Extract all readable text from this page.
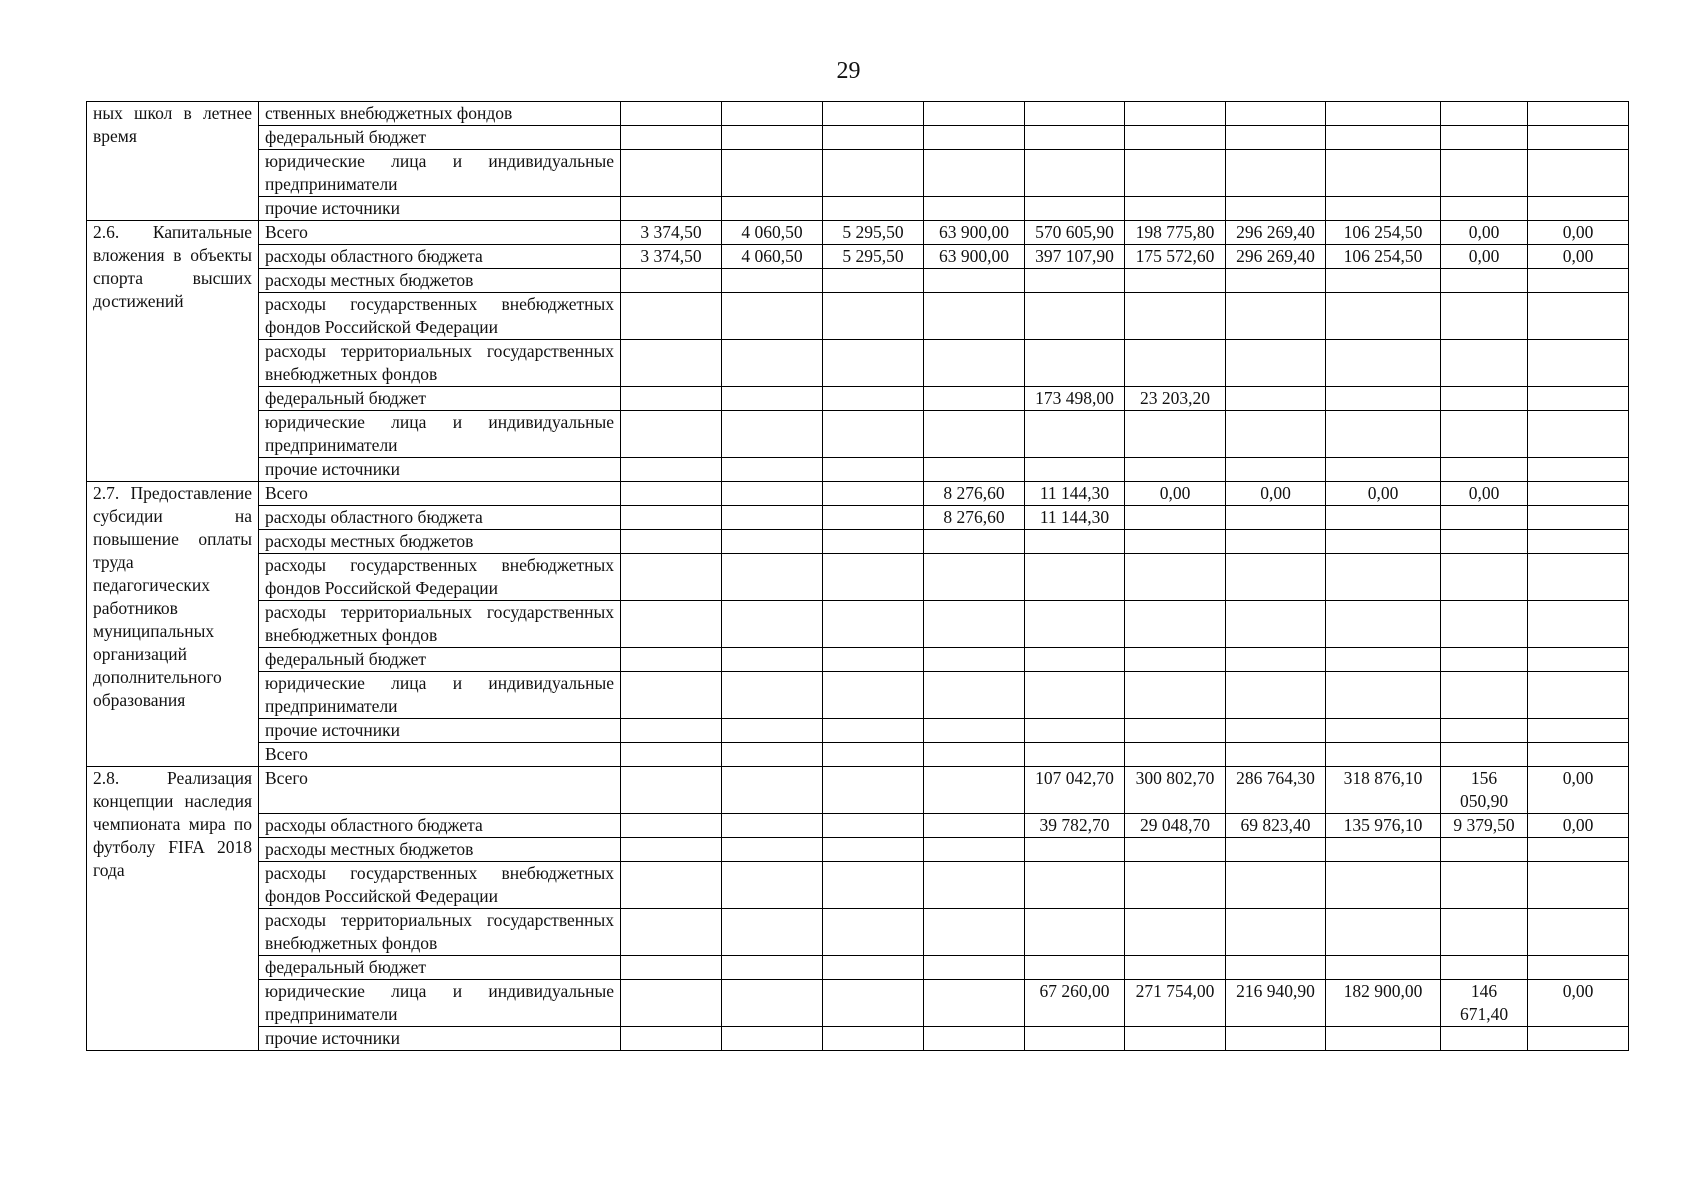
29
ных школ в летнее время	ственных внебюджетных фондов										
	федеральный бюджет										
	юридические лица и индивидуальные предприниматели										
	прочие источники										
2.6. Капитальные вложения в объекты спорта высших достижений	Всего	3 374,50	4 060,50	5 295,50	63 900,00	570 605,90	198 775,80	296 269,40	106 254,50	0,00	0,00
	расходы областного бюджета	3 374,50	4 060,50	5 295,50	63 900,00	397 107,90	175 572,60	296 269,40	106 254,50	0,00	0,00
	расходы местных бюджетов										
	расходы государственных внебюджетных фондов Российской Федерации										
	расходы территориальных государственных внебюджетных фондов										
	федеральный бюджет					173 498,00	23 203,20				
	юридические лица и индивидуальные предприниматели										
	прочие источники										
2.7. Предоставление субсидии на повышение оплаты труда педагогических работников муниципальных организаций дополнительного образования	Всего				8 276,60	11 144,30	0,00	0,00	0,00	0,00	
	расходы областного бюджета				8 276,60	11 144,30					
	расходы местных бюджетов										
	расходы государственных внебюджетных фондов Российской Федерации										
	расходы территориальных государственных внебюджетных фондов										
	федеральный бюджет										
	юридические лица и индивидуальные предприниматели										
	прочие источники										
	Всего										
2.8. Реализация концепции наследия чемпионата мира по футболу FIFA 2018 года	Всего					107 042,70	300 802,70	286 764,30	318 876,10	156 050,90	0,00
	расходы областного бюджета					39 782,70	29 048,70	69 823,40	135 976,10	9 379,50	0,00
	расходы местных бюджетов										
	расходы государственных внебюджетных фондов Российской Федерации										
	расходы территориальных государственных внебюджетных фондов										
	федеральный бюджет										
	юридические лица и индивидуальные предприниматели					67 260,00	271 754,00	216 940,90	182 900,00	146 671,40	0,00
	прочие источники										
